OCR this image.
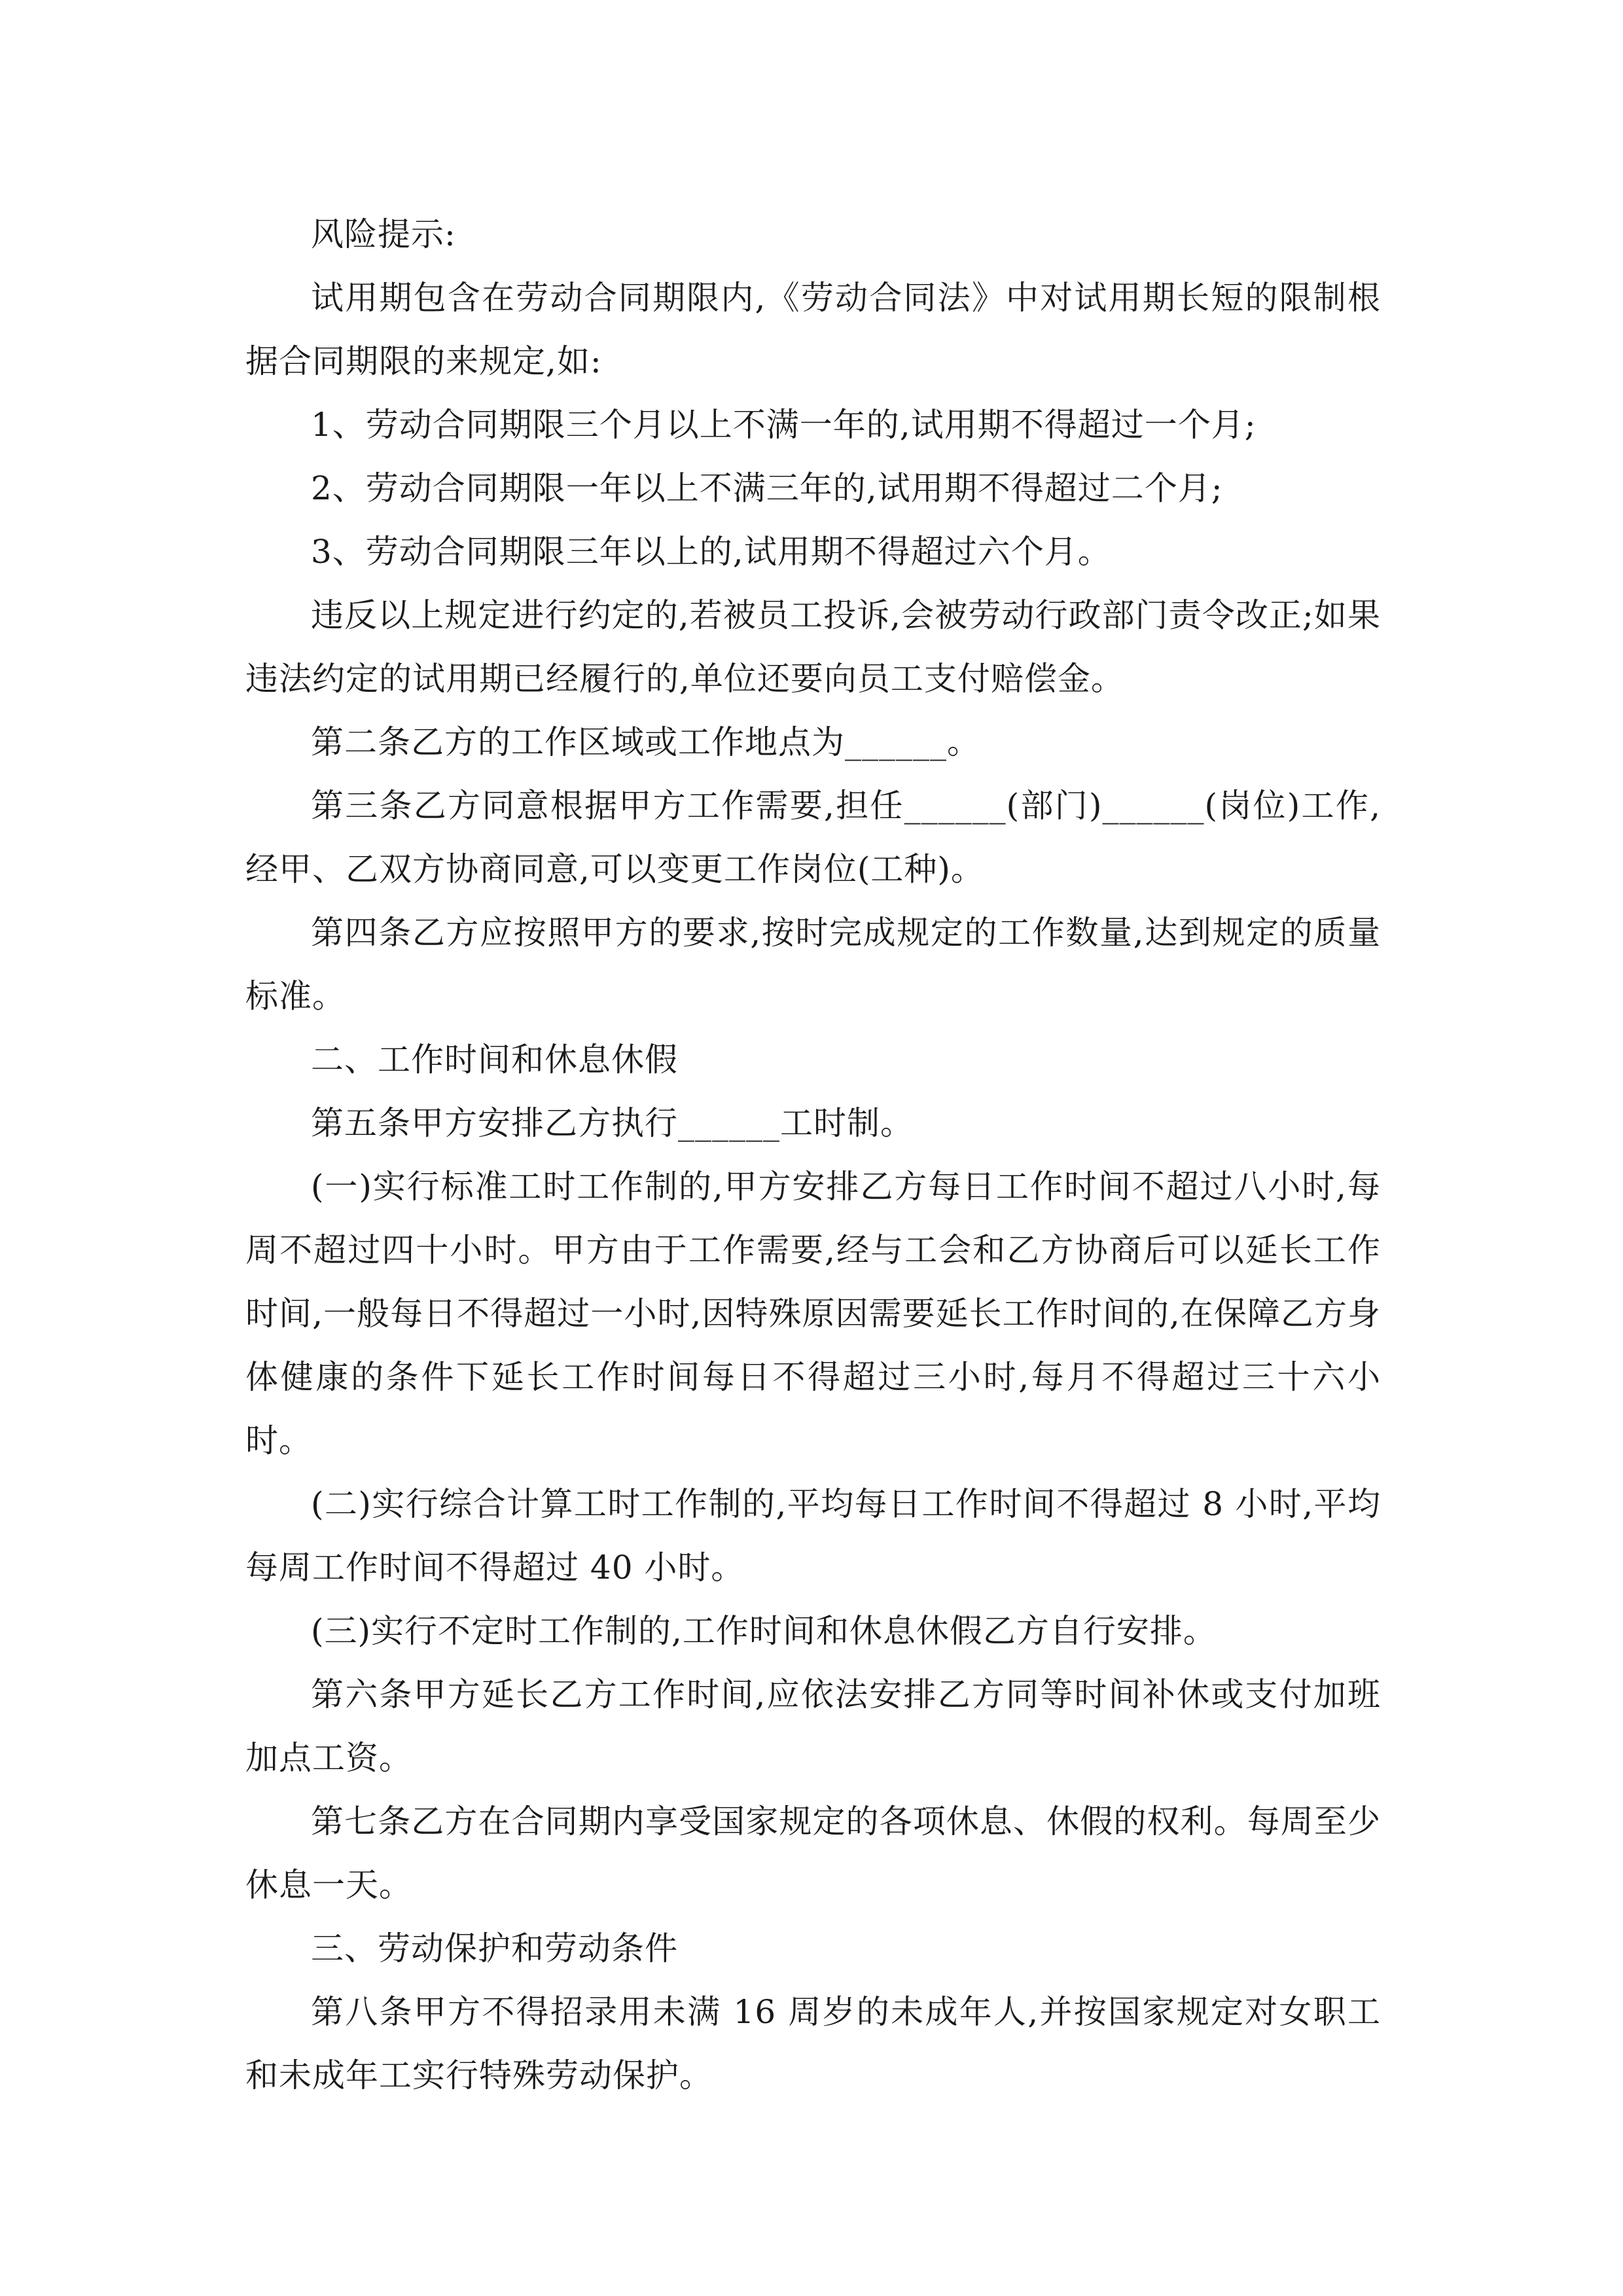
风险提示:

试用期包含在劳动合同期限内,《劳动合同法》中对试用期长短的限制根据合同期限的来规定,如:

1、劳动合同期限三个月以上不满一年的,试用期不得超过一个月;

2、劳动合同期限一年以上不满三年的,试用期不得超过二个月;

3、劳动合同期限三年以上的,试用期不得超过六个月。

违反以上规定进行约定的,若被员工投诉,会被劳动行政部门责令改正;如果违法约定的试用期已经履行的,单位还要向员工支付赔偿金。

第二条乙方的工作区域或工作地点为______。

第三条乙方同意根据甲方工作需要,担任______(部门)______(岗位)工作,经甲、乙双方协商同意,可以变更工作岗位(工种)。

第四条乙方应按照甲方的要求,按时完成规定的工作数量,达到规定的质量标准。

二、工作时间和休息休假

第五条甲方安排乙方执行______工时制。

(一)实行标准工时工作制的,甲方安排乙方每日工作时间不超过八小时,每周不超过四十小时。甲方由于工作需要,经与工会和乙方协商后可以延长工作时间,一般每日不得超过一小时,因特殊原因需要延长工作时间的,在保障乙方身体健康的条件下延长工作时间每日不得超过三小时,每月不得超过三十六小时。

(二)实行综合计算工时工作制的,平均每日工作时间不得超过 8 小时,平均每周工作时间不得超过 40 小时。

(三)实行不定时工作制的,工作时间和休息休假乙方自行安排。

第六条甲方延长乙方工作时间,应依法安排乙方同等时间补休或支付加班加点工资。

第七条乙方在合同期内享受国家规定的各项休息、休假的权利。每周至少休息一天。

三、劳动保护和劳动条件

第八条甲方不得招录用未满 16 周岁的未成年人,并按国家规定对女职工和未成年工实行特殊劳动保护。
